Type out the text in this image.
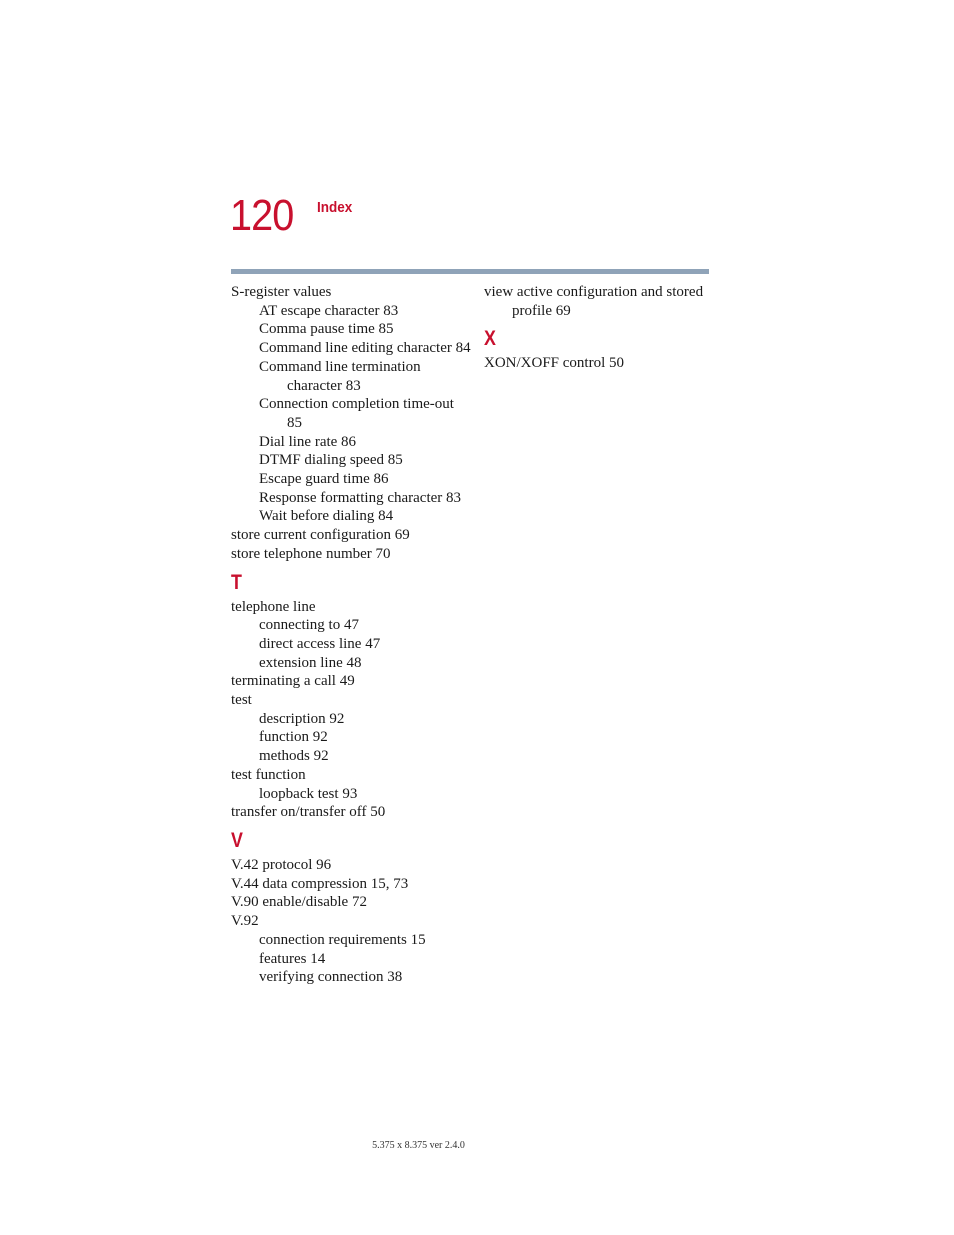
120 Index

S-register values

AT escape character 83

Comma pause time 85

Command line editing character 84

Command line termination character 83

Connection completion time-out 85

Dial line rate 86

DTMF dialing speed 85

Escape guard time 86

Response formatting character 83

Wait before dialing 84

store current configuration 69

store telephone number 70

T

telephone line

connecting to 47

direct access line 47

extension line 48

terminating a call 49

test

description 92

function 92

methods 92

test function

loopback test 93

transfer on/transfer off 50

V

V.42 protocol 96

V.44 data compression 15, 73

V.90 enable/disable 72

V.92

connection requirements 15

features 14

verifying connection 38

view active configuration and stored profile 69

X

XON/XOFF control 50

5.375 x 8.375 ver 2.4.0
